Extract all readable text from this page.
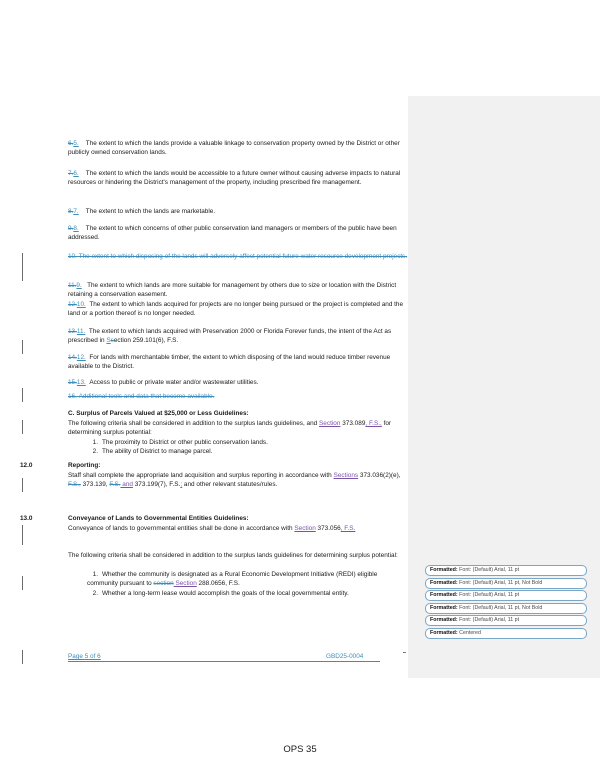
6.5. The extent to which the lands provide a valuable linkage to conservation property owned by the District or other publicly owned conservation lands.
7.6. The extent to which the lands would be accessible to a future owner without causing adverse impacts to natural resources or hindering the District's management of the property, including prescribed fire management.
8.7. The extent to which the lands are marketable.
9.8. The extent to which concerns of other public conservation land managers or members of the public have been addressed.
10. The extent to which disposing of the lands will adversely affect potential future water resource development projects.
11.9. The extent to which lands are more suitable for management by others due to size or location with the District retaining a conservation easement.
12.10. The extent to which lands acquired for projects are no longer being pursued or the project is completed and the land or a portion thereof is no longer needed.
13.11. The extent to which lands acquired with Preservation 2000 or Florida Forever funds, the intent of the Act as prescribed in Ssection 259.101(6), F.S.
14.12. For lands with merchantable timber, the extent to which disposing of the land would reduce timber revenue available to the District.
15.13. Access to public or private water and/or wastewater utilities.
16. Additional tools and data that become available.
C. Surplus of Parcels Valued at $25,000 or Less Guidelines:
The following criteria shall be considered in addition to the surplus lands guidelines, and Section 373.089, F.S., for determining surplus potential:
1. The proximity to District or other public conservation lands.
2. The ability of District to manage parcel.
12.0	Reporting:
Staff shall complete the appropriate land acquisition and surplus reporting in accordance with Sections 373.036(2)(e), F.S., 373.139, F.S. and 373.199(7), F.S.; and other relevant statutes/rules.
13.0	Conveyance of Lands to Governmental Entities Guidelines:
Conveyance of lands to governmental entities shall be done in accordance with Section 373.056, F.S.
The following criteria shall be considered in addition to the surplus lands guidelines for determining surplus potential:
1. Whether the community is designated as a Rural Economic Development Initiative (REDI) eligible community pursuant to section Section 288.0656, F.S.
2. Whether a long-term lease would accomplish the goals of the local governmental entity.
Page 5 of 6	GBD25-0004
Formatted: Font: (Default) Arial, 11 pt
Formatted: Font: (Default) Arial, 11 pt, Not Bold
Formatted: Font: (Default) Arial, 11 pt
Formatted: Font: (Default) Arial, 11 pt, Not Bold
Formatted: Font: (Default) Arial, 11 pt
Formatted: Centered
OPS 35
